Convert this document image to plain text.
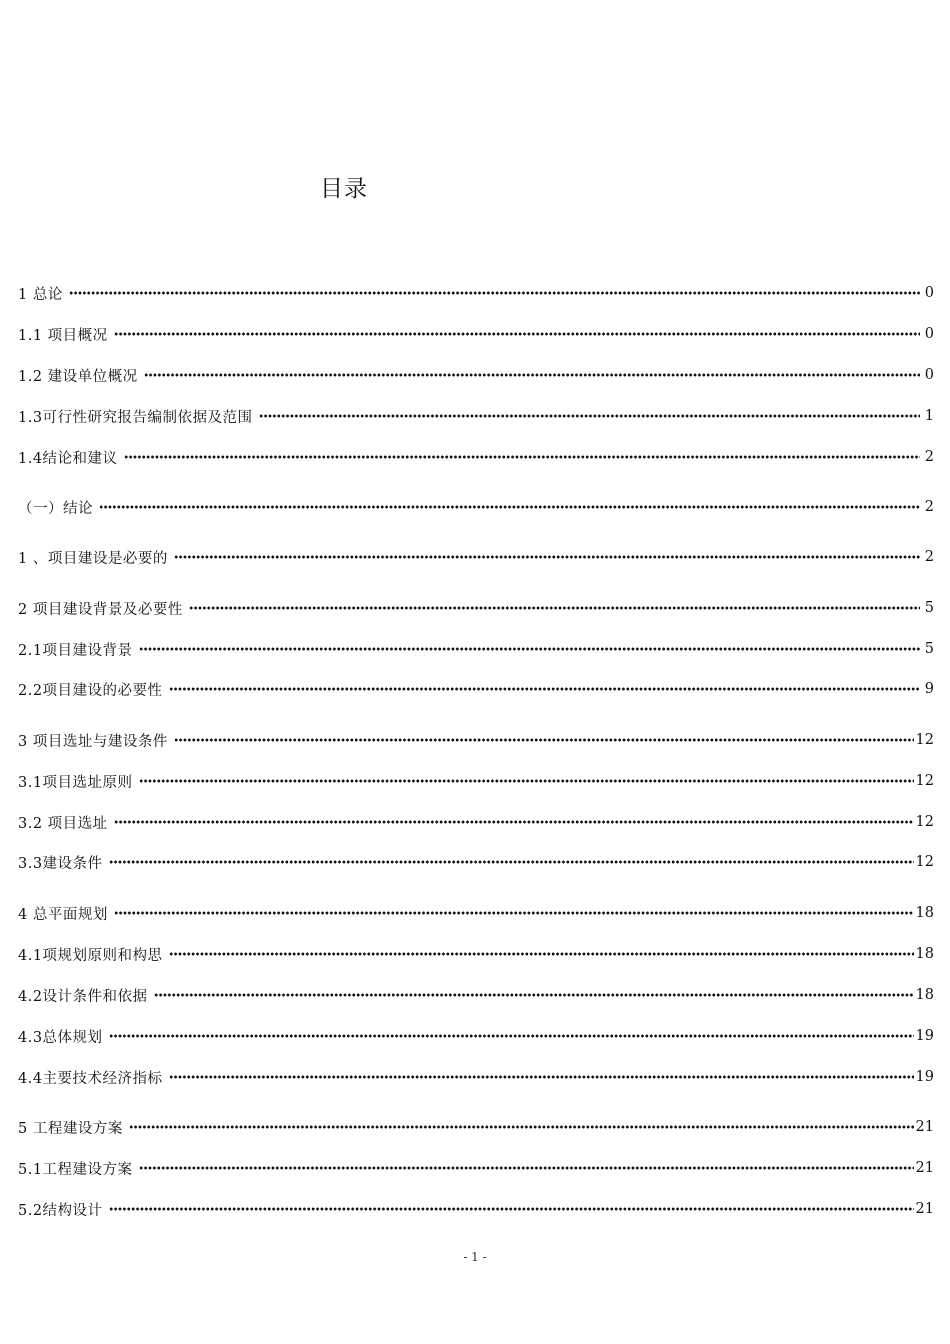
目录
1 总论	0
1.1 项目概况	0
1.2 建设单位概况	0
1.3可行性研究报告编制依据及范围	1
1.4结论和建议	2
（一）结论	2
1 、项目建设是必要的	2
2 项目建设背景及必要性	5
2.1项目建设背景	5
2.2项目建设的必要性	9
3 项目选址与建设条件	12
3.1项目选址原则	12
3.2 项目选址	12
3.3建设条件	12
4 总平面规划	18
4.1项规划原则和构思	18
4.2设计条件和依据	18
4.3总体规划	19
4.4主要技术经济指标	19
5 工程建设方案	21
5.1工程建设方案	21
5.2结构设计	21
- 1 -
